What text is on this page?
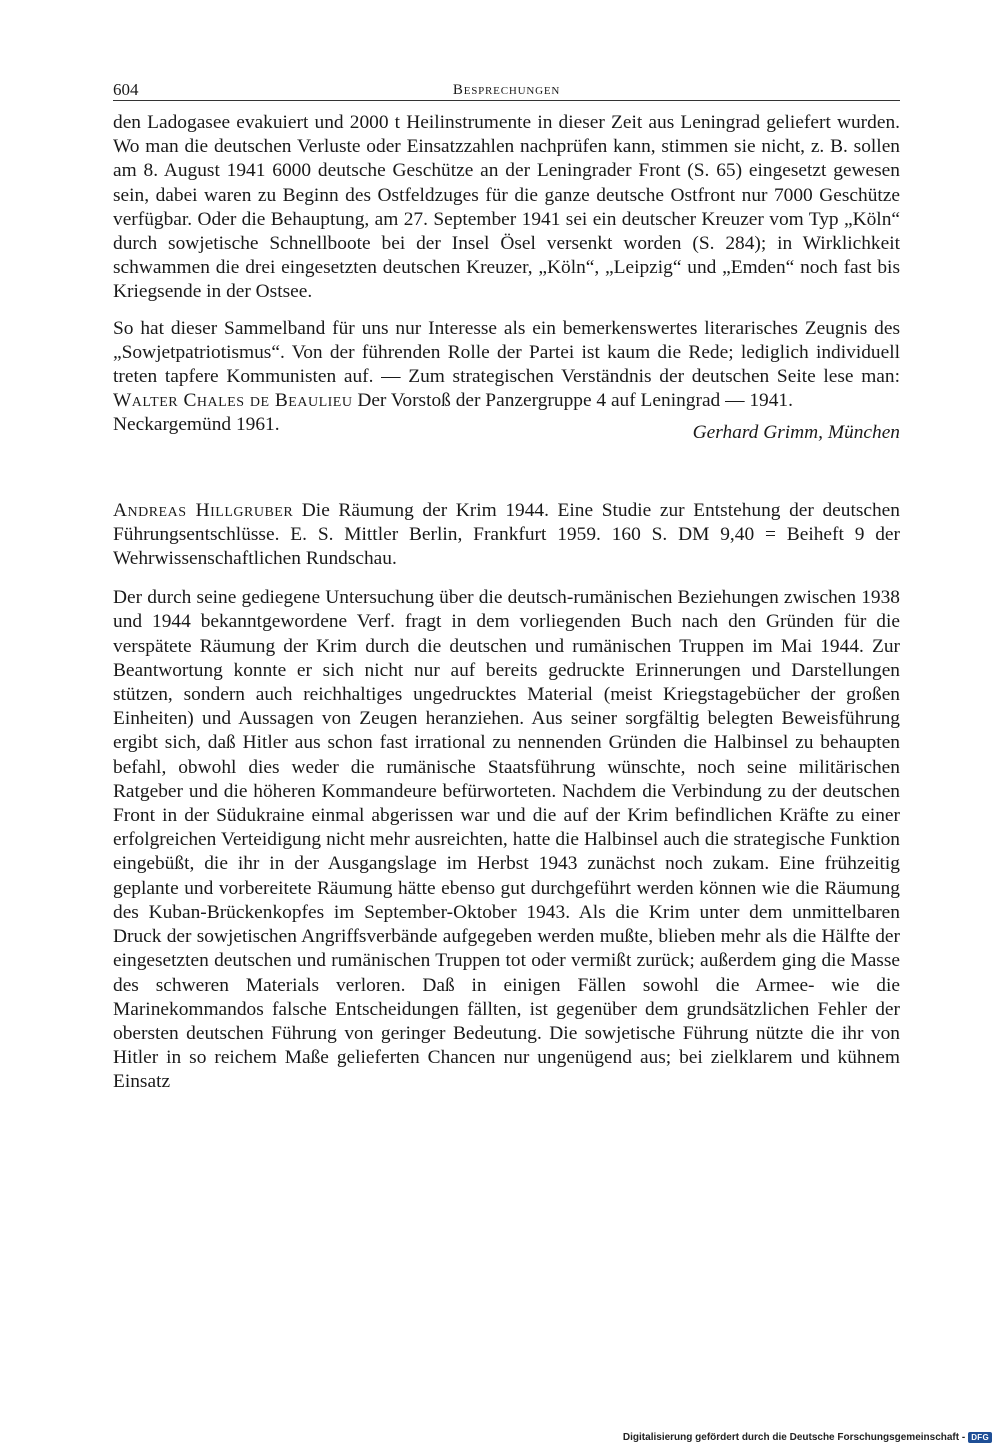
604	Besprechungen

den Ladogasee evakuiert und 2000 t Heilinstrumente in dieser Zeit aus Leningrad geliefert wurden. Wo man die deutschen Verluste oder Einsatzzahlen nachprüfen kann, stimmen sie nicht, z. B. sollen am 8. August 1941 6000 deutsche Geschütze an der Leningrader Front (S. 65) eingesetzt gewesen sein, dabei waren zu Beginn des Ostfeldzuges für die ganze deutsche Ostfront nur 7000 Geschütze verfügbar. Oder die Behauptung, am 27. September 1941 sei ein deutscher Kreuzer vom Typ „Köln“ durch sowjetische Schnellboote bei der Insel Ösel versenkt worden (S. 284); in Wirklichkeit schwammen die drei eingesetzten deutschen Kreuzer, „Köln“, „Leipzig“ und „Emden“ noch fast bis Kriegsende in der Ostsee.

So hat dieser Sammelband für uns nur Interesse als ein bemerkenswertes literarisches Zeugnis des „Sowjetpatriotismus“. Von der führenden Rolle der Partei ist kaum die Rede; lediglich individuell treten tapfere Kommunisten auf. — Zum strategischen Verständnis der deutschen Seite lese man: Walter Chales de Beaulieu Der Vorstoß der Panzergruppe 4 auf Leningrad — 1941.

Neckargemünd 1961.	Gerhard Grimm, München

Andreas Hillgruber Die Räumung der Krim 1944. Eine Studie zur Entstehung der deutschen Führungsentschlüsse. E. S. Mittler Berlin, Frankfurt 1959. 160 S. DM 9,40 = Beiheft 9 der Wehrwissenschaftlichen Rundschau.

Der durch seine gediegene Untersuchung über die deutsch-rumänischen Beziehungen zwischen 1938 und 1944 bekanntgewordene Verf. fragt in dem vorliegenden Buch nach den Gründen für die verspätete Räumung der Krim durch die deutschen und rumänischen Truppen im Mai 1944. Zur Beantwortung konnte er sich nicht nur auf bereits gedruckte Erinnerungen und Darstellungen stützen, sondern auch reichhaltiges ungedrucktes Material (meist Kriegstagebücher der großen Einheiten) und Aussagen von Zeugen heranziehen. Aus seiner sorgfältig belegten Beweisführung ergibt sich, daß Hitler aus schon fast irrational zu nennenden Gründen die Halbinsel zu behaupten befahl, obwohl dies weder die rumänische Staatsführung wünschte, noch seine militärischen Ratgeber und die höheren Kommandeure befürworteten. Nachdem die Verbindung zu der deutschen Front in der Südukraine einmal abgerissen war und die auf der Krim befindlichen Kräfte zu einer erfolgreichen Verteidigung nicht mehr ausreichten, hatte die Halbinsel auch die strategische Funktion eingebüßt, die ihr in der Ausgangslage im Herbst 1943 zunächst noch zukam. Eine frühzeitig geplante und vorbereitete Räumung hätte ebenso gut durchgeführt werden können wie die Räumung des Kuban-Brückenkopfes im September-Oktober 1943. Als die Krim unter dem unmittelbaren Druck der sowjetischen Angriffsverbände aufgegeben werden mußte, blieben mehr als die Hälfte der eingesetzten deutschen und rumänischen Truppen tot oder vermißt zurück; außerdem ging die Masse des schweren Materials verloren. Daß in einigen Fällen sowohl die Armee- wie die Marinekommandos falsche Entscheidungen fällten, ist gegenüber dem grundsätzlichen Fehler der obersten deutschen Führung von geringer Bedeutung. Die sowjetische Führung nützte die ihr von Hitler in so reichem Maße gelieferten Chancen nur ungenügend aus; bei zielklarem und kühnem Einsatz

Digitalisierung gefördert durch die Deutsche Forschungsgemeinschaft - DFG
